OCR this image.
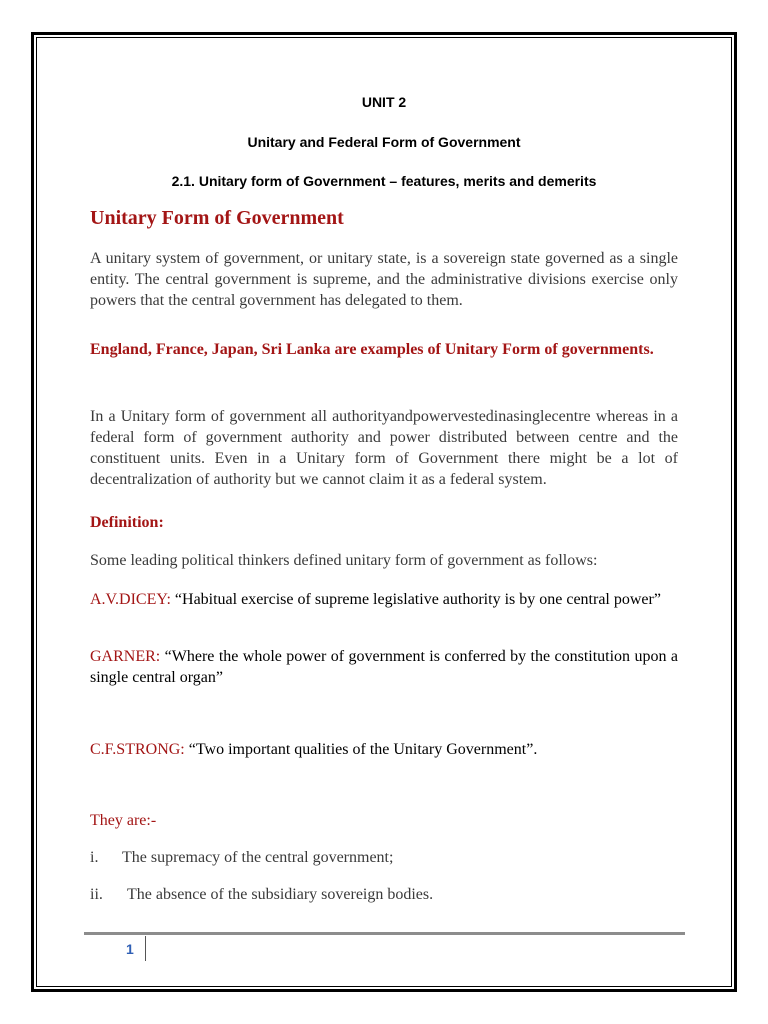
UNIT 2
Unitary and Federal Form of Government
2.1. Unitary form of Government – features, merits and demerits
Unitary Form of Government
A unitary system of government, or unitary state, is a sovereign state governed as a single entity. The central government is supreme, and the administrative divisions exercise only powers that the central government has delegated to them.
England, France, Japan, Sri Lanka are examples of Unitary Form of governments.
In a Unitary form of government all authorityandpowervestedinasinglecentre whereas in a federal form of government authority and power distributed between centre and the constituent units. Even in a Unitary form of Government there might be a lot of decentralization of authority but we cannot claim it as a federal system.
Definition:
Some leading political thinkers defined unitary form of government as follows:
A.V.DICEY: “Habitual exercise of supreme legislative authority is by one central power”
GARNER: “Where the whole power of government is conferred by the constitution upon a single central organ”
C.F.STRONG: “Two important qualities of the Unitary Government”.
They are:-
i. The supremacy of the central government;
ii. The absence of the subsidiary sovereign bodies.
1
